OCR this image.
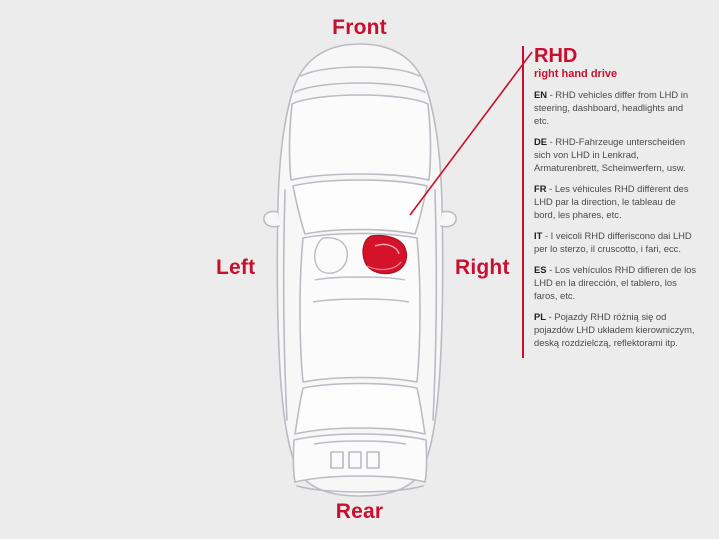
Front
Rear
Left	Right
RHD
right hand drive

EN - RHD vehicles differ from LHD in steering, dashboard, headlights and etc.

DE - RHD-Fahrzeuge unterscheiden sich von LHD in Lenkrad, Armaturenbrett, Scheinwerfern, usw.

FR - Les véhicules RHD diffèrent des LHD par la direction, le tableau de bord, les phares, etc.

IT - I veicoli RHD differiscono dai LHD per lo sterzo, il cruscotto, i fari, ecc.

ES - Los vehículos RHD difieren de los LHD en la dirección, el tablero, los faros, etc.

PL - Pojazdy RHD różnią się od pojazdów LHD układem kierowniczym, deską rozdzielczą, reflektorami itp.
